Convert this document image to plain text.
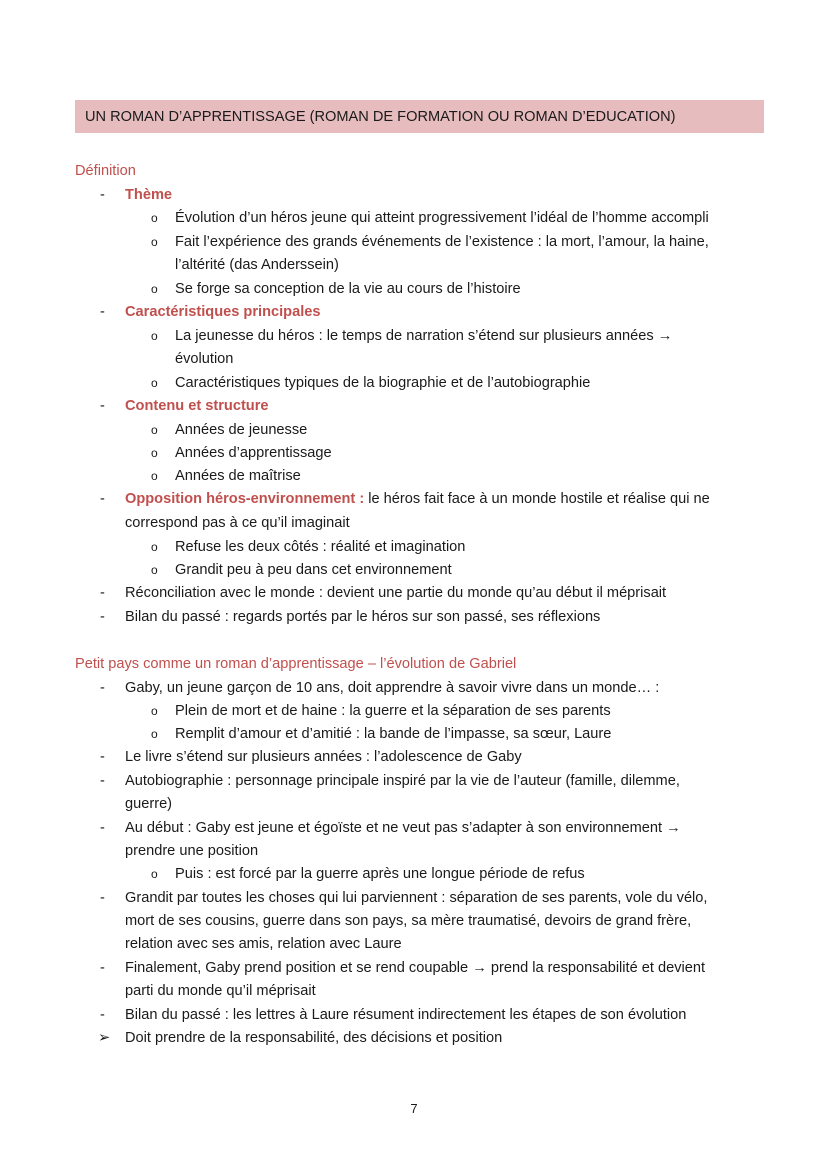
UN ROMAN D’APPRENTISSAGE (ROMAN DE FORMATION OU ROMAN D’EDUCATION)
Définition
- Thème
o Évolution d’un héros jeune qui atteint progressivement l’idéal de l’homme accompli
o Fait l’expérience des grands événements de l’existence : la mort, l’amour, la haine,
l’altérité (das Anderssein)
o Se forge sa conception de la vie au cours de l’histoire
- Caractéristiques principales
o La jeunesse du héros : le temps de narration s’étend sur plusieurs années →
évolution
o Caractéristiques typiques de la biographie et de l’autobiographie
- Contenu et structure
o Années de jeunesse
o Années d’apprentissage
o Années de maîtrise
- Opposition héros-environnement : le héros fait face à un monde hostile et réalise qui ne
correspond pas à ce qu’il imaginait
o Refuse les deux côtés : réalité et imagination
o Grandit peu à peu dans cet environnement
- Réconciliation avec le monde : devient une partie du monde qu’au début il méprisait
- Bilan du passé : regards portés par le héros sur son passé, ses réflexions
Petit pays comme un roman d’apprentissage – l’évolution de Gabriel
- Gaby, un jeune garçon de 10 ans, doit apprendre à savoir vivre dans un monde… :
o Plein de mort et de haine : la guerre et la séparation de ses parents
o Remplit d’amour et d’amitié : la bande de l’impasse, sa sœur, Laure
- Le livre s’étend sur plusieurs années : l’adolescence de Gaby
- Autobiographie : personnage principale inspiré par la vie de l’auteur (famille, dilemme,
guerre)
- Au début : Gaby est jeune et égoïste et ne veut pas s’adapter à son environnement →
prendre une position
o Puis : est forcé par la guerre après une longue période de refus
- Grandit par toutes les choses qui lui parviennent : séparation de ses parents, vole du vélo,
mort de ses cousins, guerre dans son pays, sa mère traumatisé, devoirs de grand frère,
relation avec ses amis, relation avec Laure
- Finalement, Gaby prend position et se rend coupable → prend la responsabilité et devient
parti du monde qu’il méprisait
- Bilan du passé : les lettres à Laure résument indirectement les étapes de son évolution
➢ Doit prendre de la responsabilité, des décisions et position
7
